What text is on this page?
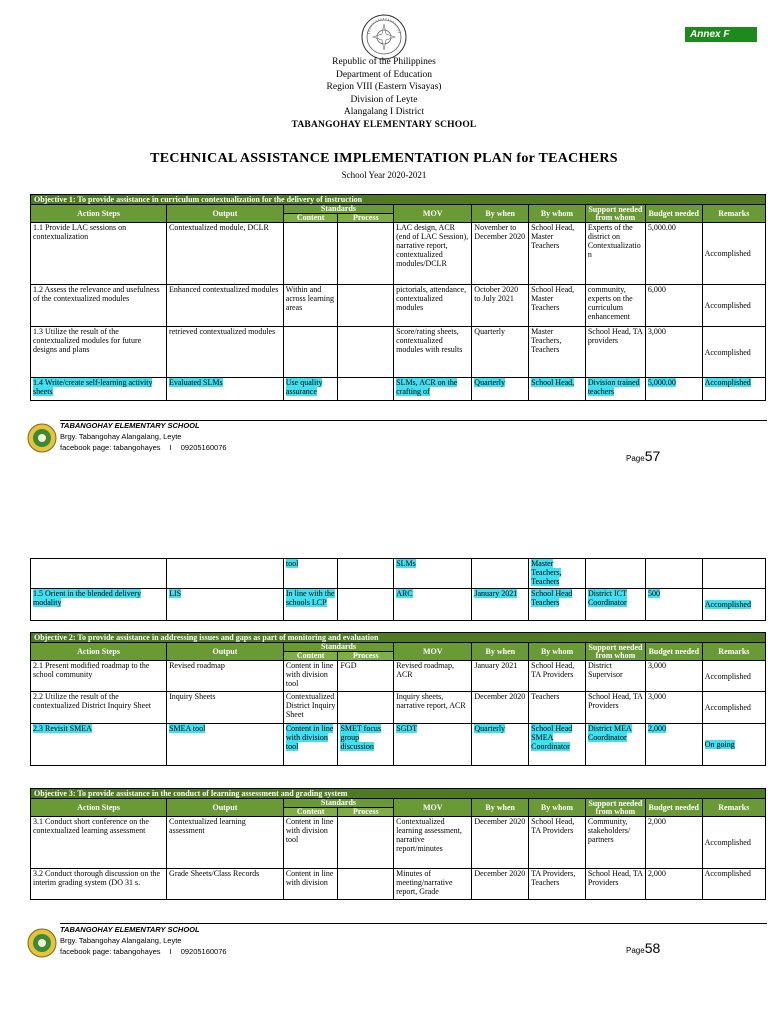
Annex F
Republic of the Philippines
Department of Education
Region VIII (Eastern Visayas)
Division of Leyte
Alangalang I District
TABANGOHAY ELEMENTARY SCHOOL
TECHNICAL ASSISTANCE IMPLEMENTATION PLAN for TEACHERS
School Year 2020-2021
Objective 1: To provide assistance in curriculum contextualization for the delivery of instruction									
Action Steps	Output	Standards		MOV	By when	By whom	Support needed from whom	Budget needed	Remarks
		Content	Process						
1.1 Provide LAC sessions on contextualization	Contextualized module, DCLR			LAC design, ACR (end of LAC Session), narrative report, contextualized modules/DCLR	November to December 2020	School Head, Master Teachers	Experts of the district on Contextualizatio n	5,000.00	Accomplished
1.2 Assess the relevance and usefulness of the contextualized modules	Enhanced contextualized modules	Within and across learning areas		pictorials, attendance, contextualized modules	October 2020 to July 2021	School Head, Master Teachers	community, experts on the curriculum enhancement	6,000	Accomplished
1.3 Utilize the result of the contextualized modules for future designs and plans	retrieved contextualized modules			Score/rating sheets, contextualized modules with results	Quarterly	Master Teachers, Teachers	School Head, TA providers	3,000	Accomplished
1.4 Write/create self-learning activity sheets	Evaluated SLMs	Use quality assurance		SLMs, ACR on the crafting of	Quarterly	School Head,	Division trained teachers	5,000.00	Accomplished
TABANGOHAY ELEMENTARY SCHOOL
Brgy. Tabangohay Alangalang, Leyte
facebook page: tabangohayes I 09205160076
Page57
		tool		SLMs		Master Teachers, Teachers			
1.5 Orient in the blended delivery modality	LIS	In line with the schools LCP		ARC	January 2021	School Head Teachers	District ICT Coordinator	500	Accomplished
Objective 2: To provide assistance in addressing issues and gaps as part of monitoring and evaluation									
Action Steps	Output	Standards		MOV	By when	By whom	Support needed from whom	Budget needed	Remarks
		Content	Process						
2.1 Present modified roadmap to the school community	Revised roadmap	Content in line with division tool	FGD	Revised roadmap, ACR	January 2021	School Head, TA Providers	District Supervisor	3,000	Accomplished
2.2 Utilize the result of the contextualized District Inquiry Sheet	Inquiry Sheets	Contextualized District Inquiry Sheet		Inquiry sheets, narrative report, ACR	December 2020	Teachers	School Head, TA Providers	3,000	Accomplished
2.3 Revisit SMEA	SMEA tool	Content in line with division tool	SMET focus group discussion	SGDT	Quarterly	School Head SMEA Coordinator	District MEA Coordinator	2,000	On going
Objective 3: To provide assistance in the conduct of learning assessment and grading system									
Action Steps	Output	Standards		MOV	By when	By whom	Support needed from whom	Budget needed	Remarks
		Content	Process						
3.1 Conduct short conference on the contextualized learning assessment	Contextualized learning assessment	Content in line with division tool		Contextualized learning assessment, narrative report/minutes	December 2020	School Head, TA Providers	Community, stakeholders/ partners	2,000	Accomplished
3.2 Conduct thorough discussion on the interim grading system (DO 31 s.	Grade Sheets/Class Records	Content in line with division		Minutes of meeting/narrative report, Grade	December 2020	TA Providers, Teachers	School Head, TA Providers	2,000	Accomplished
TABANGOHAY ELEMENTARY SCHOOL
Brgy. Tabangohay Alangalang, Leyte
facebook page: tabangohayes I 09205160076	Page58
